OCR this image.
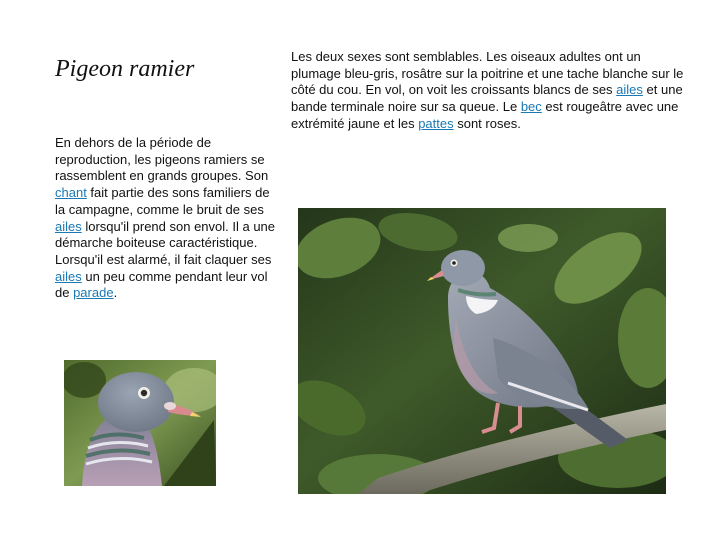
Pigeon ramier
En dehors de la période de reproduction, les pigeons ramiers se rassemblent en grands groupes. Son chant fait partie des sons familiers de la campagne, comme le bruit de ses ailes lorsqu'il prend son envol. Il a une démarche boiteuse caractéristique. Lorsqu'il est alarmé, il fait claquer ses ailes un peu comme pendant leur vol de parade.
Les deux sexes sont semblables. Les oiseaux adultes ont un plumage bleu-gris, rosâtre sur la poitrine et une tache blanche sur le côté du cou. En vol, on voit les croissants blancs de ses ailes et une bande terminale noire sur sa queue. Le bec est rougeâtre avec une extrémité jaune et les pattes sont roses.
